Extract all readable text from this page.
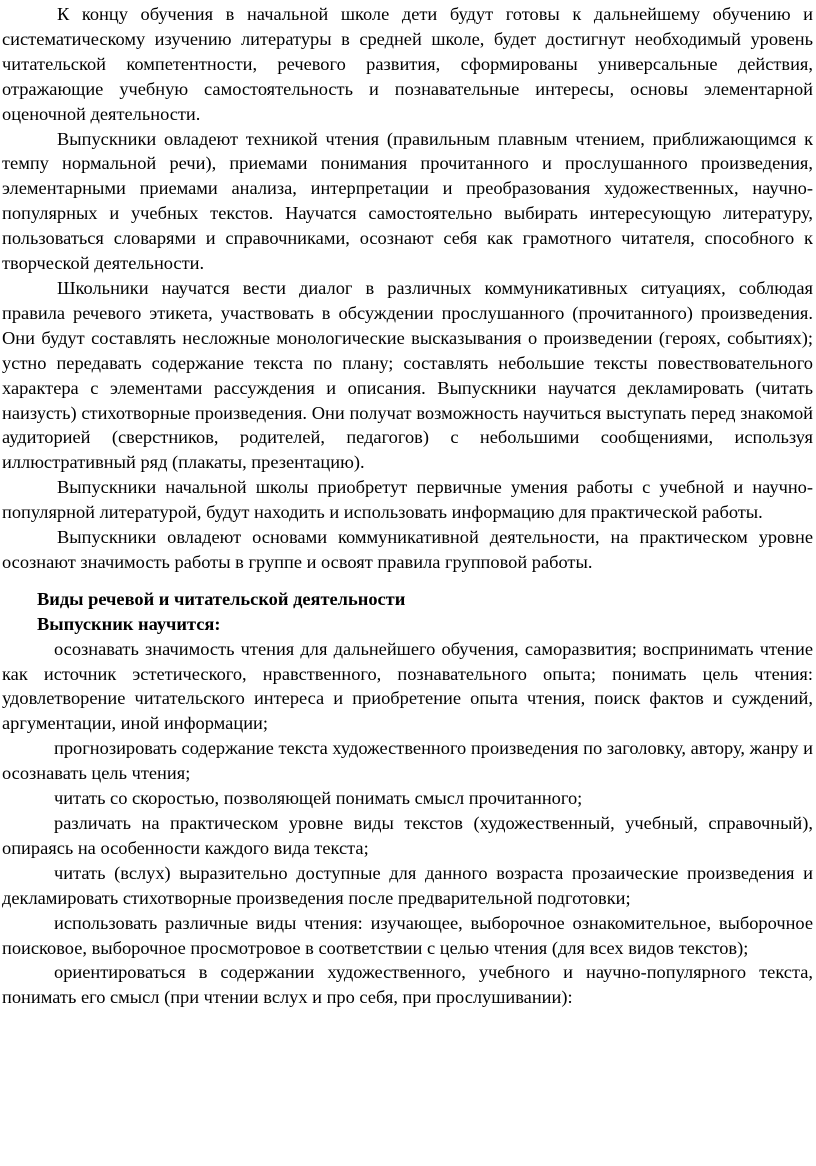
К концу обучения в начальной школе дети будут готовы к дальнейшему обучению и систематическому изучению литературы в средней школе, будет достигнут необходимый уровень читательской компетентности, речевого развития, сформированы универсальные действия, отражающие учебную самостоятельность и познавательные интересы, основы элементарной оценочной деятельности.

Выпускники овладеют техникой чтения (правильным плавным чтением, приближающимся к темпу нормальной речи), приемами понимания прочитанного и прослушанного произведения, элементарными приемами анализа, интерпретации и преобразования художественных, научно-популярных и учебных текстов. Научатся самостоятельно выбирать интересующую литературу, пользоваться словарями и справочниками, осознают себя как грамотного читателя, способного к творческой деятельности.

Школьники научатся вести диалог в различных коммуникативных ситуациях, соблюдая правила речевого этикета, участвовать в обсуждении прослушанного (прочитанного) произведения. Они будут составлять несложные монологические высказывания о произведении (героях, событиях); устно передавать содержание текста по плану; составлять небольшие тексты повествовательного характера с элементами рассуждения и описания. Выпускники научатся декламировать (читать наизусть) стихотворные произведения. Они получат возможность научиться выступать перед знакомой аудиторией (сверстников, родителей, педагогов) с небольшими сообщениями, используя иллюстративный ряд (плакаты, презентацию).

Выпускники начальной школы приобретут первичные умения работы с учебной и научно-популярной литературой, будут находить и использовать информацию для практической работы.

Выпускники овладеют основами коммуникативной деятельности, на практическом уровне осознают значимость работы в группе и освоят правила групповой работы.

Виды речевой и читательской деятельности

Выпускник научится:

осознавать значимость чтения для дальнейшего обучения, саморазвития; воспринимать чтение как источник эстетического, нравственного, познавательного опыта; понимать цель чтения: удовлетворение читательского интереса и приобретение опыта чтения, поиск фактов и суждений, аргументации, иной информации;

прогнозировать содержание текста художественного произведения по заголовку, автору, жанру и осознавать цель чтения;

читать со скоростью, позволяющей понимать смысл прочитанного;

различать на практическом уровне виды текстов (художественный, учебный, справочный), опираясь на особенности каждого вида текста;

читать (вслух) выразительно доступные для данного возраста прозаические произведения и декламировать стихотворные произведения после предварительной подготовки;

использовать различные виды чтения: изучающее, выборочное ознакомительное, выборочное поисковое, выборочное просмотровое в соответствии с целью чтения (для всех видов текстов);

ориентироваться в содержании художественного, учебного и научно-популярного текста, понимать его смысл (при чтении вслух и про себя, при прослушивании):
